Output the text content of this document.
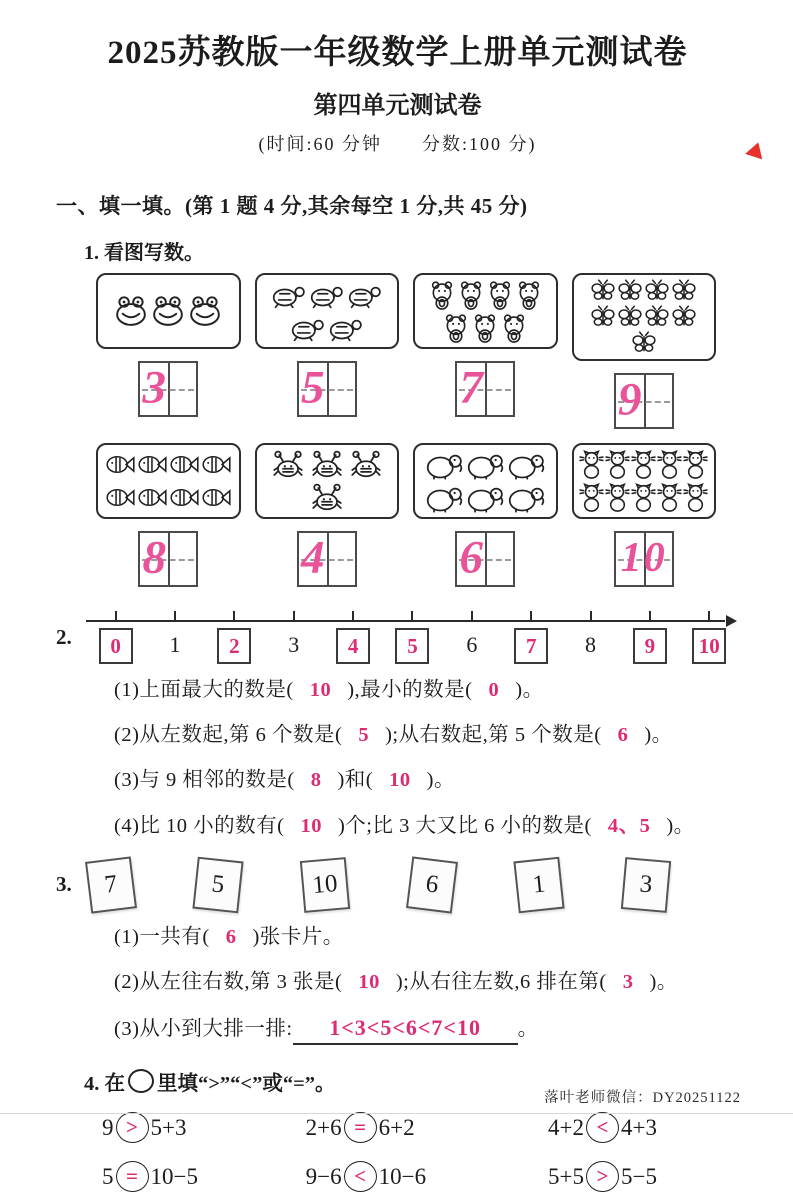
2025苏教版一年级数学上册单元测试卷
第四单元测试卷
(时间:60 分钟　　分数:100 分)
一、填一填。(第 1 题 4 分,其余每空 1 分,共 45 分)
1. 看图写数。
3	5	7	9
8	4	6	10
2.	0	1	2	3	4	5	6	7	8	9	10
(1)上面最大的数是( 10 ),最小的数是( 0 )。
(2)从左数起,第 6 个数是( 5 );从右数起,第 5 个数是( 6 )。
(3)与 9 相邻的数是( 8 )和( 10 )。
(4)比 10 小的数有( 10 )个;比 3 大又比 6 小的数是( 4、5 )。
3.	7	5	10	6	1	3
(1)一共有( 6 )张卡片。
(2)从左往右数,第 3 张是( 10 );从右往左数,6 排在第( 3 )。
(3)从小到大排一排: 1<3<5<6<7<10 。
4. 在 里填“>”“<”或“=”。
9 > 5+3	2+6 = 6+2	4+2 < 4+3
5 = 10−5	9−6 < 10−6	5+5 > 5−5
落叶老师微信：DY20251122
